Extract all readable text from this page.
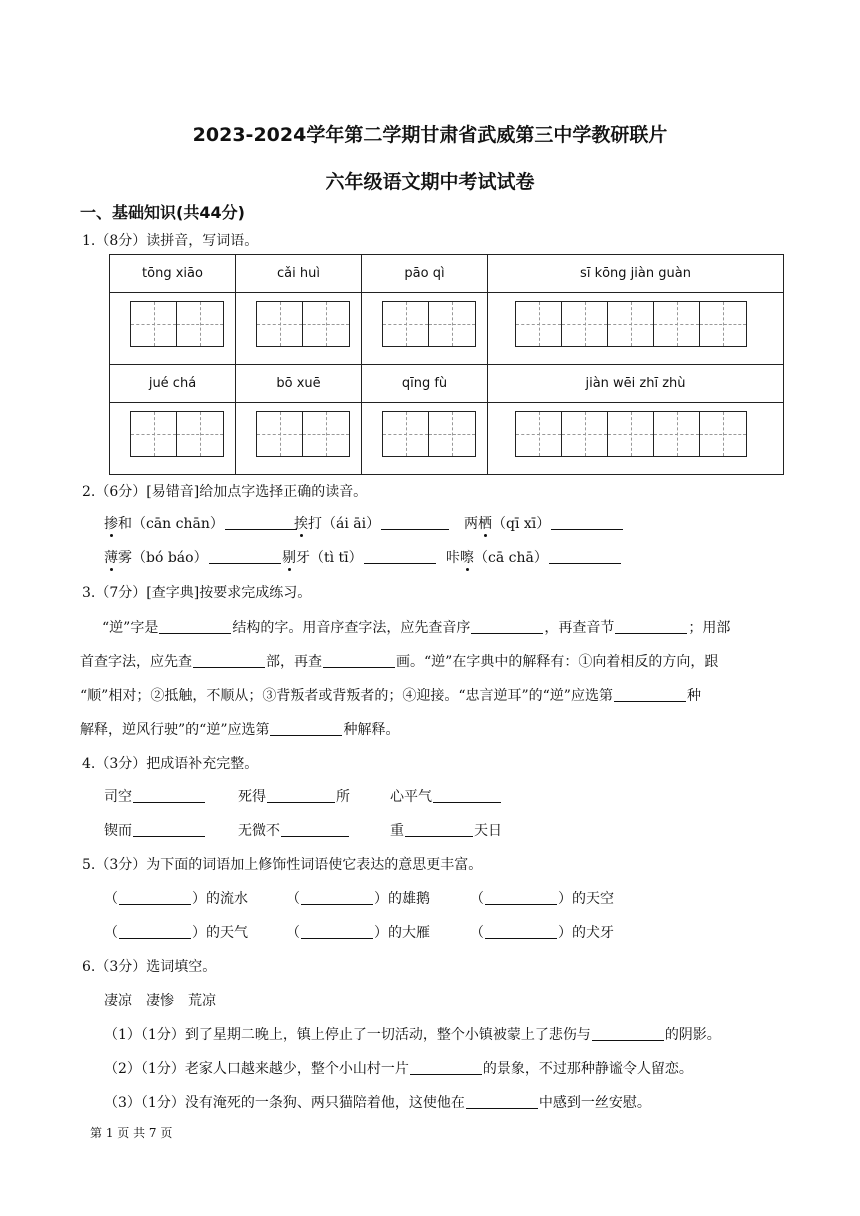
2023-2024学年第二学期甘肃省武威第三中学教研联片
六年级语文期中考试试卷
一、基础知识(共44分)
1.（8分）读拼音，写词语。
tōng xiāo	cǎi huì	pāo qì	sī kōng jiàn guàn

jué chá	bō xuē	qīng fù	jiàn wēi zhī zhù

2.（6分）[易错音]给加点字选择正确的读音。
掺和（cān chān）	挨打（ái āi）	两栖（qī xī）
薄雾（bó báo）	剔牙（tì tī）	咔嚓（cā chā）
3.（7分）[查字典]按要求完成练习。
“逆”字是	结构的字。用音序查字法，应先查音序	，再查音节	；用部
首查字法，应先查	部，再查	画。“逆”在字典中的解释有：①向着相反的方向，跟
“顺”相对；②抵触，不顺从；③背叛者或背叛者的；④迎接。“忠言逆耳”的“逆”应选第	种
解释，逆风行驶”的“逆”应选第	种解释。
4.（3分）把成语补充完整。
司空	死得	所	心平气
锲而	无微不	重	天日
5.（3分）为下面的词语加上修饰性词语使它表达的意思更丰富。
（	）的流水	（	）的雄鹅	（	）的天空
（	）的天气	（	）的大雁	（	）的犬牙
6.（3分）选词填空。
凄凉　凄惨　荒凉
（1）（1分）到了星期二晚上，镇上停止了一切活动，整个小镇被蒙上了悲伤与	的阴影。
（2）（1分）老家人口越来越少，整个小山村一片	的景象，不过那种静谧令人留恋。
（3）（1分）没有淹死的一条狗、两只猫陪着他，这使他在	中感到一丝安慰。
第 1 页 共 7 页
